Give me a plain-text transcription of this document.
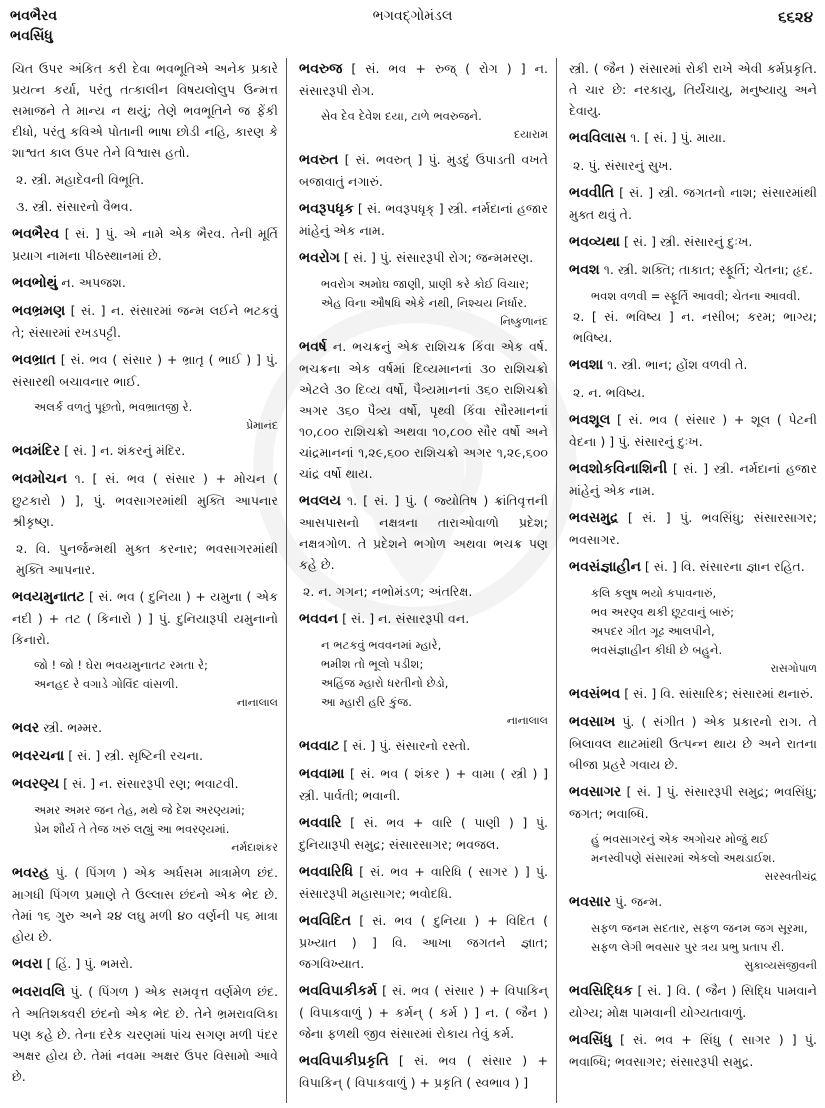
ભવભૈરવ
ભવસિંધુ
ભગવદ્ગોમંડલ	૬૬૨૪
ચિત ઉપર અંકિત કરી દેવા ભવભૂતિએ અનેક પ્રકારે પ્રયત્ન કર્યા, પરંતુ તત્કાલીન વિષયલોલુપ ઉન્મત્ત સમાજને તે માન્ય ન થયું; તેણે ભવભૂતિને જ ફેંકી દીધો, પરંતુ કવિએ પોતાની ભાષા છોડી નહિ, કારણ કે શાશ્વત કાલ ઉપર તેને વિશ્વાસ હતો.
૨. સ્ત્રી. મહાદેવની વિભૂતિ.
૩. સ્ત્રી. સંસારનો વૈભવ.
ભવભૈરવ [ સં. ] પું. એ નામે એક ભૈરવ. તેની મૂર્તિ પ્રયાગ નામના પીઠસ્થાનમાં છે.
ભવભોથું ન. અપજશ.
ભવભ્રમણ [ સં. ] ન. સંસારમાં જન્મ લઈને ભટકવું તે; સંસારમાં રખડપટ્ટી.
ભવભ્રાત [ સં. ભવ ( સંસાર ) + ભ્રાતૃ ( ભાઈ ) ] પું. સંસારથી બચાવનાર ભાઈ.
અલર્ક વળતું પૂછતો, ભવભ્રાતજી રે.
પ્રેમાનંદ
ભવમંદિર [ સં. ] ન. શંકરનું મંદિર.
ભવમોચન ૧. [ સં. ભવ ( સંસાર ) + મોચન ( છુટકારો ) ], પું. ભવસાગરમાંથી મુક્તિ આપનાર શ્રીકૃષ્ણ.
૨. વિ. પુનર્જન્મથી મુક્ત કરનાર; ભવસાગરમાંથી મુક્તિ આપનાર.
ભવયમુનાતટ [ સં. ભવ ( દુનિયા ) + યમુના ( એક નદી ) + તટ ( કિનારો ) ] પું. દુનિયારૂપી યમુનાનો કિનારો.
જો ! જો ! ઘેરા ભવયમુનાતટ રમતા રે;
અનહદ રે વગાડે ગોવિંદ વાંસળી.
નાનાલાલ
ભવર સ્ત્રી. ભમ્મર.
ભવરચના [ સં. ] સ્ત્રી. સૃષ્ટિની રચના.
ભવરણ્ય [ સં. ] ન. સંસારરૂપી રણ; ભવાટવી.
અમર અમર જન તેહ, મથે જે દેશ અરણ્યમાં;
પ્રેમ શૌર્ય તે તેજ ખરું લહ્યું આ ભવરણ્યમાં.
નર્મદાશંકર
ભવરહ પું. ( પિંગળ ) એક અર્ધસમ માત્રામેળ છંદ. માગધી પિંગળ પ્રમાણે તે ઉલ્લાસ છંદનો એક ભેદ છે. તેમાં ૧૬ ગુરુ અને ૨૪ લઘુ મળી ૪૦ વર્ણની ૫૬ માત્રા હોય છે.
ભવરા [ હિં. ] પું. ભમરો.
ભવરાવલિ પું. ( પિંગળ ) એક સમવૃત્ત વર્ણમેળ છંદ. તે અતિશક્વરી છંદનો એક ભેદ છે. તેને ભ્રમરાવલિકા પણ કહે છે. તેના દરેક ચરણમાં પાંચ સગણ મળી પંદર અક્ષર હોય છે. તેમાં નવમા અક્ષર ઉપર વિસામો આવે છે.
ભવરુજ [ સં. ભવ + રુજ્ ( રોગ ) ] ન. સંસારરૂપી રોગ.
સેવ દેવ દેવેશ દયા, ટાળે ભવરુજને.
દયારામ
ભવરુત [ સં. ભવરુત્ ] પું. મુડદું ઉપાડતી વખતે બજાવાતું નગારું.
ભવરૂપધૃક [ સં. ભવરૂપધૃક્ ] સ્ત્રી. નર્મદાનાં હજાર માંહેનું એક નામ.
ભવરોગ [ સં. ] પું. સંસારરૂપી રોગ; જન્મમરણ.
ભવરોગ અમોઘ જાણી, પ્રાણી કરે કોઈ વિચાર;
એહ વિના ઔષધિ એકે નથી, નિશ્ચય નિર્ધાર.
નિષ્કુળાનંદ
ભવર્ષ ન. ભચક્રનું એક રાશિચક્ર કિંવા એક વર્ષ. ભચક્રના એક વર્ષમાં દિવ્યમાનનાં ૩૦ રાશિચક્રો એટલે ૩૦ દિવ્ય વર્ષો, પૈત્ર્યમાનનાં ૩૬૦ રાશિચક્રો અગર ૩૬૦ પૈત્ર્ય વર્ષો, પૃથ્વી કિંવા સૌરમાનનાં ૧૦,૮૦૦ રાશિચક્રો અથવા ૧૦,૮૦૦ સૌર વર્ષો અને ચાંદ્રમાનનાં ૧,૨૯,૬૦૦ રાશિચક્રો અગર ૧,૨૯,૬૦૦ ચાંદ્ર વર્ષો થાય.
ભવલય ૧. [ સં. ] પું. ( જ્યોતિષ ) ક્રાંતિવૃત્તની આસપાસનો નક્ષત્રના તારાઓવાળો પ્રદેશ; નક્ષત્રગોળ. તે પ્રદેશને ભગોળ અથવા ભચક્ર પણ કહે છે.
૨. ન. ગગન; નભોમંડળ; અંતરિક્ષ.
ભવવન [ સં. ] ન. સંસારરૂપી વન.
ન ભટકવું ભવવનમાં મ્હારે,
ભમીશ તો ભૂલો પડીશ;
અહિંજ મ્હારો ધરતીનો છેડો,
આ મ્હારી હરિ કુંજ.
નાનાલાલ
ભવવાટ [ સં. ] પું. સંસારનો રસ્તો.
ભવવામા [ સં. ભવ ( શંકર ) + વામા ( સ્ત્રી ) ] સ્ત્રી. પાર્વતી; ભવાની.
ભવવારિ [ સં. ભવ + વારિ ( પાણી ) ] પું. દુનિયારૂપી સમુદ્ર; સંસારસાગર; ભવજલ.
ભવવારિધિ [ સં. ભવ + વારિધિ ( સાગર ) ] પું. સંસારરૂપી મહાસાગર; ભવોદધિ.
ભવવિદિત [ સં. ભવ ( દુનિયા ) + વિદિત ( પ્રખ્યાત ) ] વિ. આખા જગતને જ્ઞાત; જગવિખ્યાત.
ભવવિપાકીકર્મ [ સં. ભવ ( સંસાર ) + વિપાકિન્ ( વિપાકવાળું ) + કર્મન્ ( કર્મ ) ] ન. ( જૈન ) જેના ફળથી જીવ સંસારમાં રોકાય તેવું કર્મ.
ભવવિપાકીપ્રકૃતિ [ સં. ભવ ( સંસાર ) + વિપાકિન્ ( વિપાકવાળું ) + પ્રકૃતિ ( સ્વભાવ ) ]
સ્ત્રી. ( જૈન ) સંસારમાં રોકી રાખે એવી કર્મપ્રકૃતિ. તે ચાર છે: નરકાયુ, તિર્યંચાયુ, મનુષ્યાયુ અને દેવાયુ.
ભવવિલાસ ૧. [ સં. ] પું. માયા.
૨. પું. સંસારનું સુખ.
ભવવીતિ [ સં. ] સ્ત્રી. જગતનો નાશ; સંસારમાંથી મુક્ત થવું તે.
ભવવ્યથા [ સં. ] સ્ત્રી. સંસારનું દુઃખ.
ભવશ ૧. સ્ત્રી. શક્તિ; તાકાત; સ્ફૂર્તિ; ચેતના; હૃદ.
ભવશ વળવી = સ્ફૂર્તિ આવવી; ચેતના આવવી.
૨. [ સં. ભવિષ્ય ] ન. નસીબ; કરમ; ભાગ્ય; ભવિષ્ય.
ભવશા ૧. સ્ત્રી. ભાન; હોંશ વળવી તે.
૨. ન. ભવિષ્ય.
ભવશૂલ [ સં. ભવ ( સંસાર ) + શૂલ ( પેટની વેદના ) ] પું. સંસારનું દુઃખ.
ભવશોકવિનાશિની [ સં. ] સ્ત્રી. નર્મદાનાં હજાર માંહેનું એક નામ.
ભવસમુદ્ર [ સં. ] પું. ભવસિંધુ; સંસારસાગર; ભવસાગર.
ભવસંજ્ઞાહીન [ સં. ] વિ. સંસારના જ્ઞાન રહિત.
કલિ કલુષ ભયો કપાવનારું,
ભવ અરણ્વ થકી છૂટવાનું બારું;
અપદર ગીત ગૂઢ આલપીને,
ભવસંજ્ઞાહીન કીધી છે બહુને.
રાસગોપાળ
ભવસંભવ [ સં. ] વિ. સાંસારિક; સંસારમાં થનારું.
ભવસાખ પું. ( સંગીત ) એક પ્રકારનો રાગ. તે બિલાવલ થાટમાંથી ઉત્પન્ન થાય છે અને રાતના બીજા પ્રહરે ગવાય છે.
ભવસાગર [ સં. ] પું. સંસારરૂપી સમુદ્ર; ભવસિંધુ; જગત; ભવાબ્ધિ.
હું ભવસાગરનું એક અગોચર મોજું થઈ મનસ્વીપણે સંસારમાં એકલો અથડાઈશ.
સરસ્વતીચંદ્ર
ભવસાર પું. જન્મ.
સફળ જનમ સદતાર, સફળ જનમ જગ સૂરમા,
સફળ લેગી ભવસાર પુર ત્રય પ્રભુ પ્રતાપ રી.
સુકાવ્યસંજીવની
ભવસિદ્ધિક [ સં. ] વિ. ( જૈન ) સિદ્ધિ પામવાને યોગ્ય; મોક્ષ પામવાની યોગ્યતાવાળું.
ભવસિંધુ [ સં. ભવ + સિંધુ ( સાગર ) ] પું. ભવાબ્ધિ; ભવસાગર; સંસારરૂપી સમુદ્ર.
